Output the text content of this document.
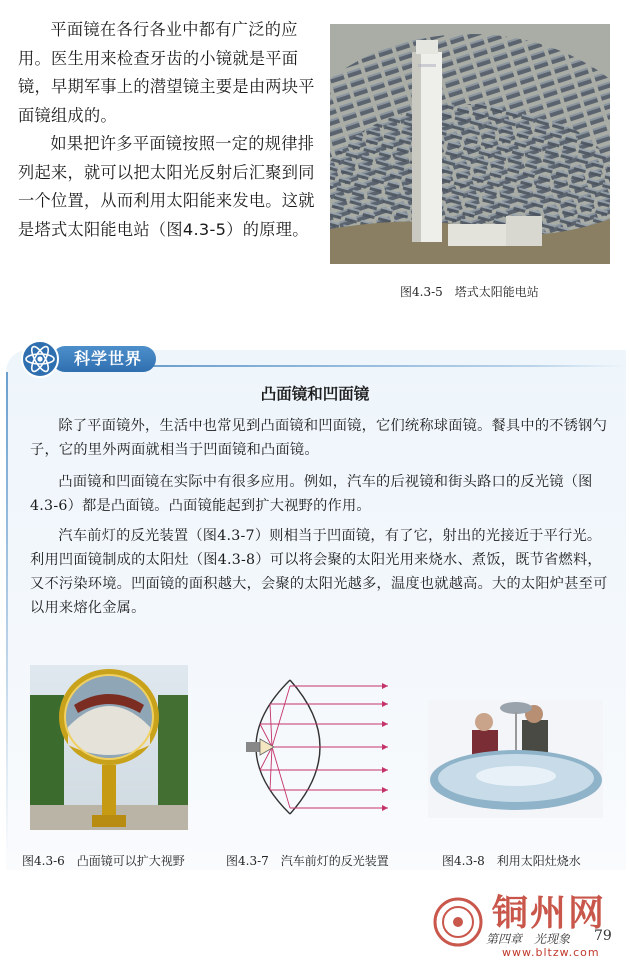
平面镜在各行各业中都有广泛的应用。医生用来检查牙齿的小镜就是平面镜，早期军事上的潜望镜主要是由两块平面镜组成的。

如果把许多平面镜按照一定的规律排列起来，就可以把太阳光反射后汇聚到同一个位置，从而利用太阳能来发电。这就是塔式太阳能电站（图4.3-5）的原理。

图4.3-5　塔式太阳能电站
科学世界
凸面镜和凹面镜

除了平面镜外，生活中也常见到凸面镜和凹面镜，它们统称球面镜。餐具中的不锈钢勺子，它的里外两面就相当于凹面镜和凸面镜。

凸面镜和凹面镜在实际中有很多应用。例如，汽车的后视镜和街头路口的反光镜（图4.3-6）都是凸面镜。凸面镜能起到扩大视野的作用。

汽车前灯的反光装置（图4.3-7）则相当于凹面镜，有了它，射出的光接近于平行光。利用凹面镜制成的太阳灶（图4.3-8）可以将会聚的太阳光用来烧水、煮饭，既节省燃料，又不污染环境。凹面镜的面积越大，会聚的太阳光越多，温度也就越高。大的太阳炉甚至可以用来熔化金属。

图4.3-6　凸面镜可以扩大视野	图4.3-7　汽车前灯的反光装置	图4.3-8　利用太阳灶烧水
铜州网
第四章　光现象 79
www.bltzw.com
